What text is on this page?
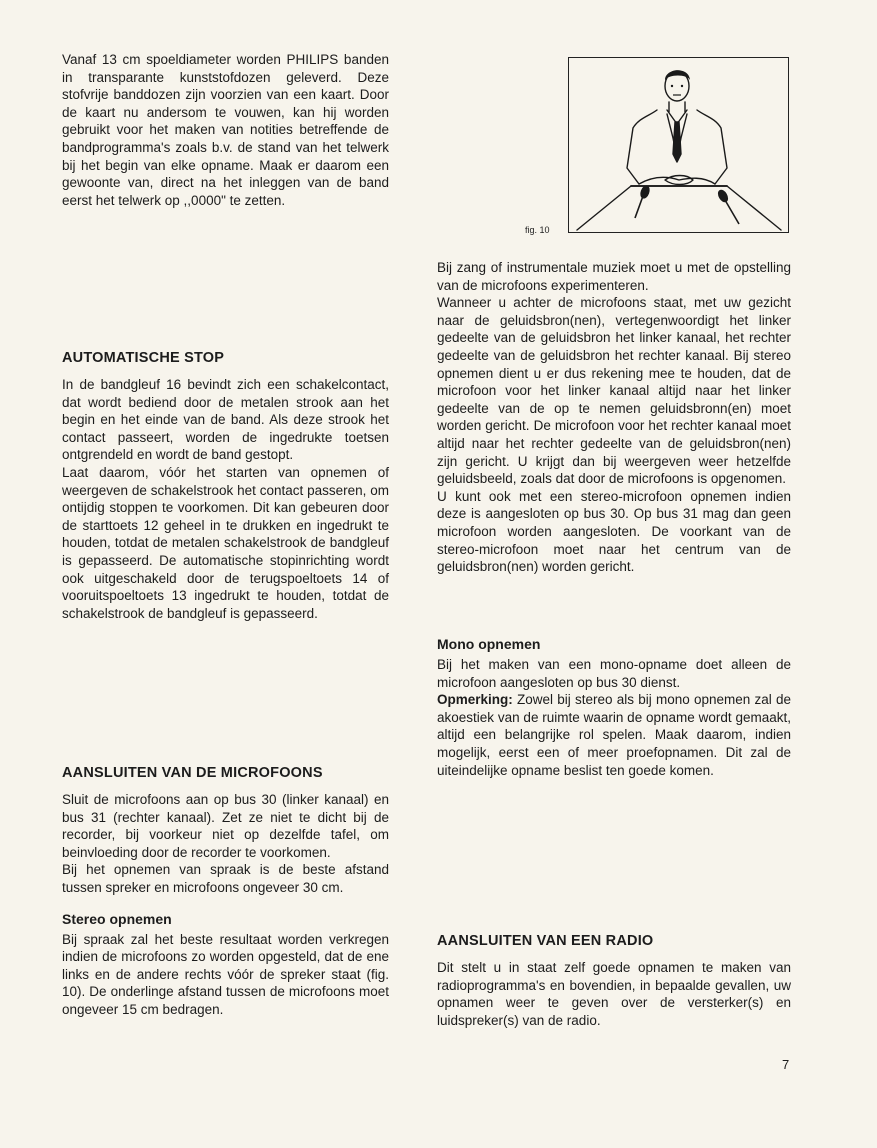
Vanaf 13 cm spoeldiameter worden PHILIPS banden in transparante kunststofdozen geleverd. Deze stofvrije banddozen zijn voorzien van een kaart. Door de kaart nu andersom te vouwen, kan hij worden gebruikt voor het maken van notities betreffende de bandprogramma's zoals b.v. de stand van het telwerk bij het begin van elke opname. Maak er daarom een gewoonte van, direct na het inleggen van de band eerst het telwerk op ,,0000" te zetten.

AUTOMATISCHE STOP

In de bandgleuf 16 bevindt zich een schakelcontact, dat wordt bediend door de metalen strook aan het begin en het einde van de band. Als deze strook het contact passeert, worden de ingedrukte toetsen ontgrendeld en wordt de band gestopt.

Laat daarom, vóór het starten van opnemen of weergeven de schakelstrook het contact passeren, om ontijdig stoppen te voorkomen. Dit kan gebeuren door de starttoets 12 geheel in te drukken en ingedrukt te houden, totdat de metalen schakelstrook de bandgleuf is gepasseerd. De automatische stopinrichting wordt ook uitgeschakeld door de terugspoeltoets 14 of vooruitspoeltoets 13 ingedrukt te houden, totdat de schakelstrook de bandgleuf is gepasseerd.

AANSLUITEN VAN DE MICROFOONS

Sluit de microfoons aan op bus 30 (linker kanaal) en bus 31 (rechter kanaal). Zet ze niet te dicht bij de recorder, bij voorkeur niet op dezelfde tafel, om beinvloeding door de recorder te voorkomen.

Bij het opnemen van spraak is de beste afstand tussen spreker en microfoons ongeveer 30 cm.

Stereo opnemen

Bij spraak zal het beste resultaat worden verkregen indien de microfoons zo worden opgesteld, dat de ene links en de andere rechts vóór de spreker staat (fig. 10). De onderlinge afstand tussen de microfoons moet ongeveer 15 cm bedragen.

fig. 10

Bij zang of instrumentale muziek moet u met de opstelling van de microfoons experimenteren.

Wanneer u achter de microfoons staat, met uw gezicht naar de geluidsbron(nen), vertegenwoordigt het linker gedeelte van de geluidsbron het linker kanaal, het rechter gedeelte van de geluidsbron het rechter kanaal. Bij stereo opnemen dient u er dus rekening mee te houden, dat de microfoon voor het linker kanaal altijd naar het linker gedeelte van de op te nemen geluidsbronn(en) moet worden gericht. De microfoon voor het rechter kanaal moet altijd naar het rechter gedeelte van de geluidsbron(nen) zijn gericht. U krijgt dan bij weergeven weer hetzelfde geluidsbeeld, zoals dat door de microfoons is opgenomen.

U kunt ook met een stereo-microfoon opnemen indien deze is aangesloten op bus 30. Op bus 31 mag dan geen microfoon worden aangesloten. De voorkant van de stereo-microfoon moet naar het centrum van de geluidsbron(nen) worden gericht.

Mono opnemen

Bij het maken van een mono-opname doet alleen de microfoon aangesloten op bus 30 dienst.

Opmerking: Zowel bij stereo als bij mono opnemen zal de akoestiek van de ruimte waarin de opname wordt gemaakt, altijd een belangrijke rol spelen. Maak daarom, indien mogelijk, eerst een of meer proefopnamen. Dit zal de uiteindelijke opname beslist ten goede komen.

AANSLUITEN VAN EEN RADIO

Dit stelt u in staat zelf goede opnamen te maken van radioprogramma's en bovendien, in bepaalde gevallen, uw opnamen weer te geven over de versterker(s) en luidspreker(s) van de radio.

7
